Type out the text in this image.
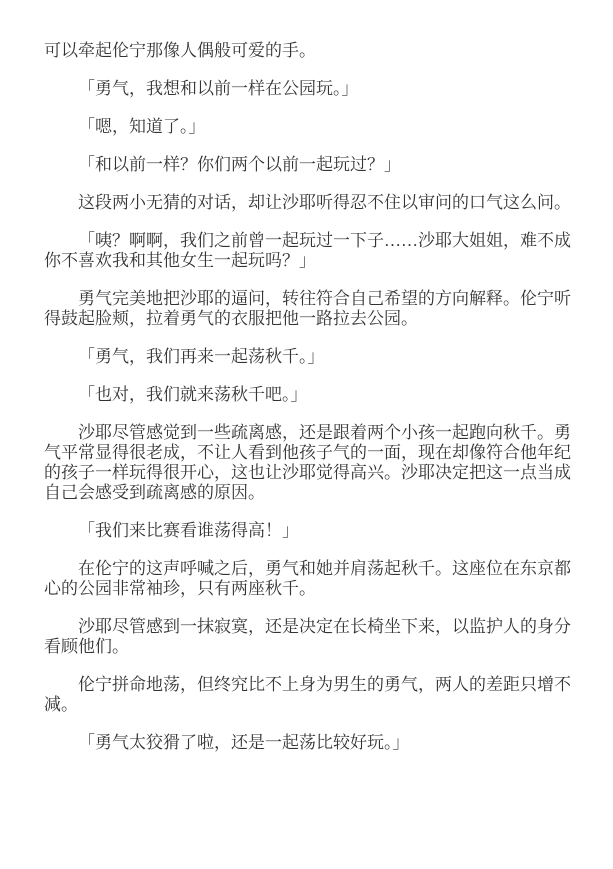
可以牵起伦宁那像人偶般可爱的手。

「勇气，我想和以前一样在公园玩。」

「嗯，知道了。」

「和以前一样？你们两个以前一起玩过？」

这段两小无猜的对话，却让沙耶听得忍不住以审问的口气这么问。

「咦？啊啊，我们之前曾一起玩过一下子……沙耶大姐姐，难不成你不喜欢我和其他女生一起玩吗？」

勇气完美地把沙耶的逼问，转往符合自己希望的方向解释。伦宁听得鼓起脸颊，拉着勇气的衣服把他一路拉去公园。

「勇气，我们再来一起荡秋千。」

「也对，我们就来荡秋千吧。」

沙耶尽管感觉到一些疏离感，还是跟着两个小孩一起跑向秋千。勇气平常显得很老成，不让人看到他孩子气的一面，现在却像符合他年纪的孩子一样玩得很开心，这也让沙耶觉得高兴。沙耶决定把这一点当成自己会感受到疏离感的原因。

「我们来比赛看谁荡得高！」

在伦宁的这声呼喊之后，勇气和她并肩荡起秋千。这座位在东京都心的公园非常袖珍，只有两座秋千。

沙耶尽管感到一抹寂寞，还是决定在长椅坐下来，以监护人的身分看顾他们。

伦宁拼命地荡，但终究比不上身为男生的勇气，两人的差距只增不减。

「勇气太狡猾了啦，还是一起荡比较好玩。」
